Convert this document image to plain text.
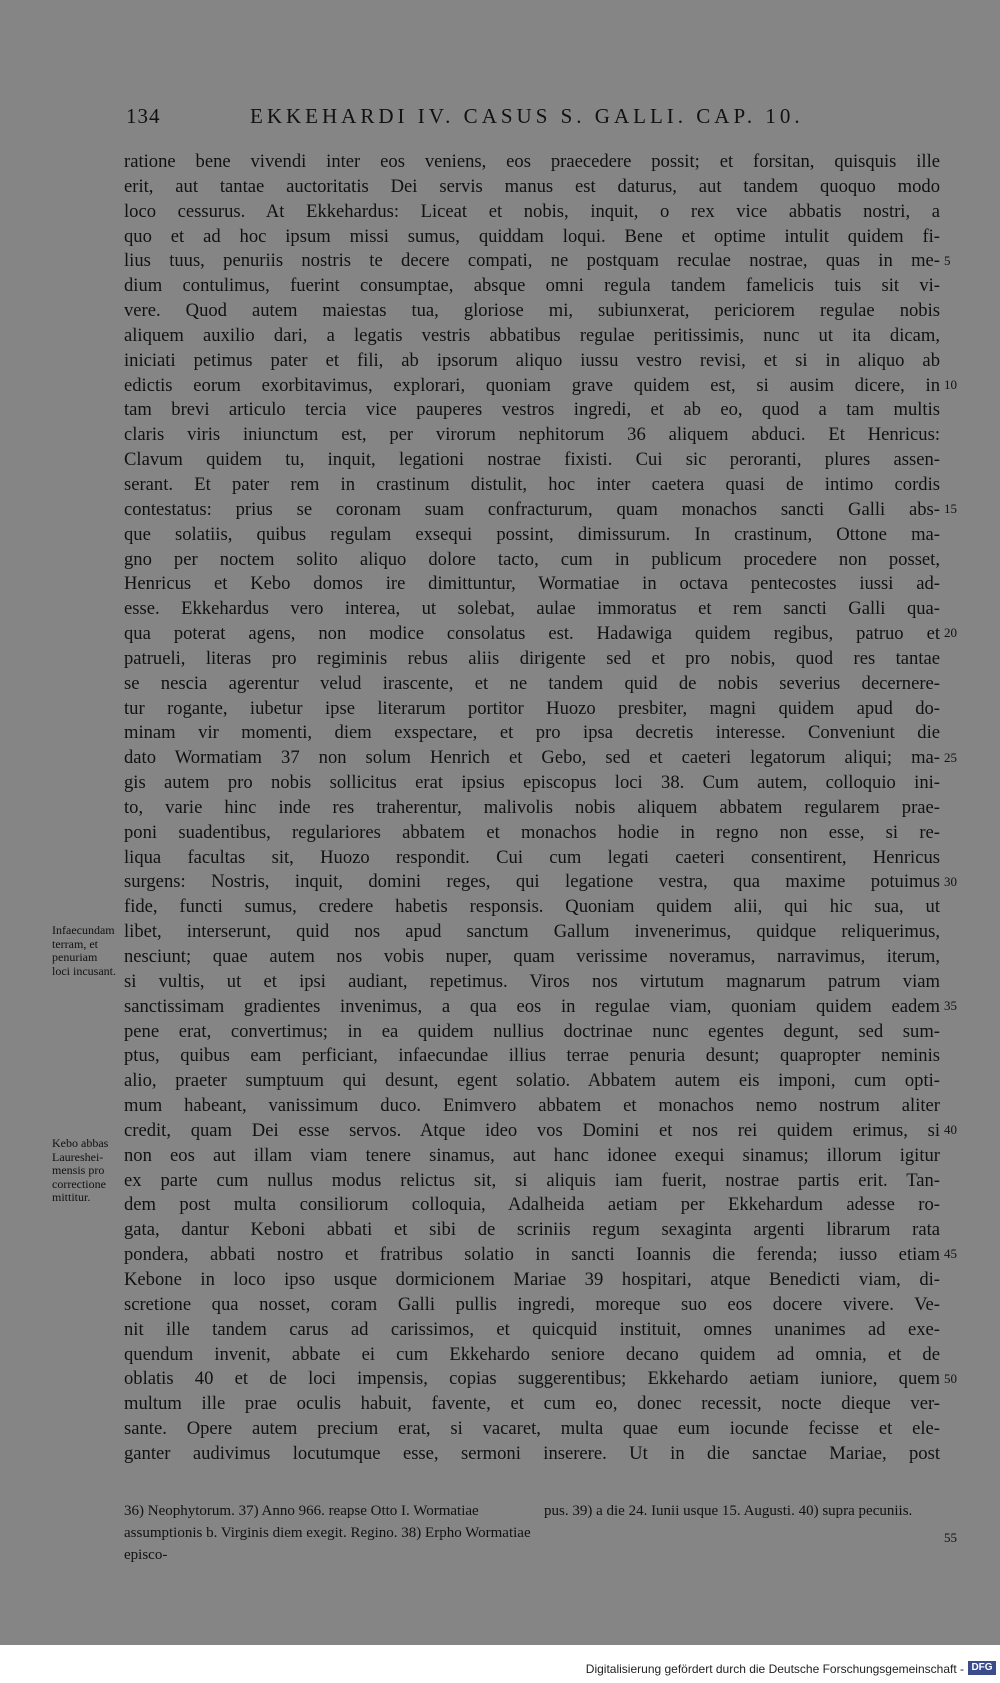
134	EKKEHARDI IV. CASUS S. GALLI. CAP. 10.

ratione bene vivendi inter eos veniens, eos praecedere possit; et forsitan, quisquis ille

erit, aut tantae auctoritatis Dei servis manus est daturus, aut tandem quoquo modo

loco cessurus. At Ekkehardus: Liceat et nobis, inquit, o rex vice abbatis nostri, a

quo et ad hoc ipsum missi sumus, quiddam loqui. Bene et optime intulit quidem fi-

lius tuus, penuriis nostris te decere compati, ne postquam reculae nostrae, quas in me-

dium contulimus, fuerint consumptae, absque omni regula tandem famelicis tuis sit vi-

vere. Quod autem maiestas tua, gloriose mi, subiunxerat, periciorem regulae nobis

aliquem auxilio dari, a legatis vestris abbatibus regulae peritissimis, nunc ut ita dicam,

iniciati petimus pater et fili, ab ipsorum aliquo iussu vestro revisi, et si in aliquo ab

edictis eorum exorbitavimus, explorari, quoniam grave quidem est, si ausim dicere, in

tam brevi articulo tercia vice pauperes vestros ingredi, et ab eo, quod a tam multis

claris viris iniunctum est, per virorum nephitorum 36 aliquem abduci. Et Henricus:

Clavum quidem tu, inquit, legationi nostrae fixisti. Cui sic peroranti, plures assen-

serant. Et pater rem in crastinum distulit, hoc inter caetera quasi de intimo cordis

contestatus: prius se coronam suam confracturum, quam monachos sancti Galli abs-

que solatiis, quibus regulam exsequi possint, dimissurum. In crastinum, Ottone ma-

gno per noctem solito aliquo dolore tacto, cum in publicum procedere non posset,

Henricus et Kebo domos ire dimittuntur, Wormatiae in octava pentecostes iussi ad-

esse. Ekkehardus vero interea, ut solebat, aulae immoratus et rem sancti Galli qua-

qua poterat agens, non modice consolatus est. Hadawiga quidem regibus, patruo et

patrueli, literas pro regiminis rebus aliis dirigente sed et pro nobis, quod res tantae

se nescia agerentur velud irascente, et ne tandem quid de nobis severius decernere-

tur rogante, iubetur ipse literarum portitor Huozo presbiter, magni quidem apud do-

minam vir momenti, diem exspectare, et pro ipsa decretis interesse. Conveniunt die

dato Wormatiam 37 non solum Henrich et Gebo, sed et caeteri legatorum aliqui; ma-

gis autem pro nobis sollicitus erat ipsius episcopus loci 38. Cum autem, colloquio ini-

to, varie hinc inde res traherentur, malivolis nobis aliquem abbatem regularem prae-

poni suadentibus, regulariores abbatem et monachos hodie in regno non esse, si re-

liqua facultas sit, Huozo respondit. Cui cum legati caeteri consentirent, Henricus

surgens: Nostris, inquit, domini reges, qui legatione vestra, qua maxime potuimus

fide, functi sumus, credere habetis responsis. Quoniam quidem alii, qui hic sua, ut

libet, interserunt, quid nos apud sanctum Gallum invenerimus, quidque reliquerimus,

nesciunt; quae autem nos vobis nuper, quam verissime noveramus, narravimus, iterum,

si vultis, ut et ipsi audiant, repetimus. Viros nos virtutum magnarum patrum viam

sanctissimam gradientes invenimus, a qua eos in regulae viam, quoniam quidem eadem

pene erat, convertimus; in ea quidem nullius doctrinae nunc egentes degunt, sed sum-

ptus, quibus eam perficiant, infaecundae illius terrae penuria desunt; quapropter neminis

alio, praeter sumptuum qui desunt, egent solatio. Abbatem autem eis imponi, cum opti-

mum habeant, vanissimum duco. Enimvero abbatem et monachos nemo nostrum aliter

credit, quam Dei esse servos. Atque ideo vos Domini et nos rei quidem erimus, si

non eos aut illam viam tenere sinamus, aut hanc idonee exequi sinamus; illorum igitur

ex parte cum nullus modus relictus sit, si aliquis iam fuerit, nostrae partis erit. Tan-

dem post multa consiliorum colloquia, Adalheida aetiam per Ekkehardum adesse ro-

gata, dantur Keboni abbati et sibi de scriniis regum sexaginta argenti librarum rata

pondera, abbati nostro et fratribus solatio in sancti Ioannis die ferenda; iusso etiam

Kebone in loco ipso usque dormicionem Mariae 39 hospitari, atque Benedicti viam, di-

scretione qua nosset, coram Galli pullis ingredi, moreque suo eos docere vivere. Ve-

nit ille tandem carus ad carissimos, et quicquid instituit, omnes unanimes ad exe-

quendum invenit, abbate ei cum Ekkehardo seniore decano quidem ad omnia, et de

oblatis 40 et de loci impensis, copias suggerentibus; Ekkehardo aetiam iuniore, quem

multum ille prae oculis habuit, favente, et cum eo, donec recessit, nocte dieque ver-

sante. Opere autem precium erat, si vacaret, multa quae eum iocunde fecisse et ele-

ganter audivimus locutumque esse, sermoni inserere. Ut in die sanctae Mariae, post

Infaecundam terram, et penuriam loci incusant.
Kebo abbas Laureshei- mensis pro correctione mittitur.
5
10
15
20
25
30
35
40
45
50
55

36) Neophytorum. 37) Anno 966. reapse Otto I. Wormatiae assumptionis b. Virginis diem exegit. Regino. 38) Erpho Wormatiae episco-

pus. 39) a die 24. Iunii usque 15. Augusti. 40) supra pecuniis.

Digitalisierung gefördert durch die Deutsche Forschungsgemeinschaft - DFG
